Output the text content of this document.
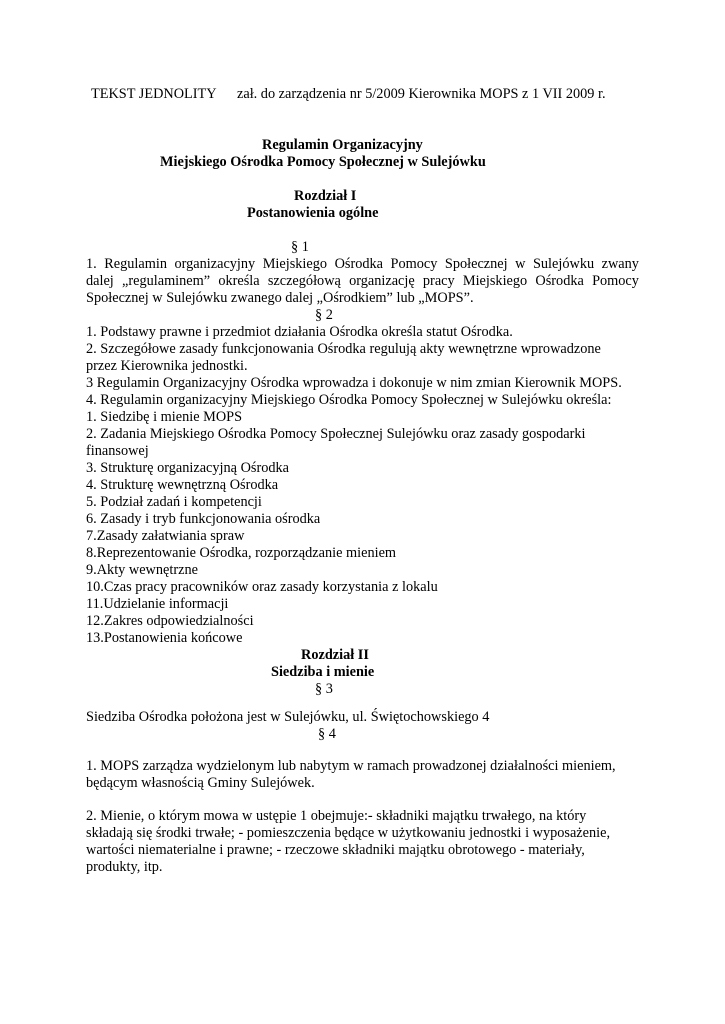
TEKST JEDNOLITY zał. do zarządzenia nr 5/2009 Kierownika MOPS z 1 VII 2009 r.
Regulamin Organizacyjny
Miejskiego Ośrodka Pomocy Społecznej w Sulejówku
Rozdział I
Postanowienia ogólne
§ 1
1. Regulamin organizacyjny Miejskiego Ośrodka Pomocy Społecznej w Sulejówku zwany
dalej „regulaminem” określa szczegółową organizację pracy Miejskiego Ośrodka Pomocy
Społecznej w Sulejówku zwanego dalej „Ośrodkiem” lub „MOPS”.
§ 2
1. Podstawy prawne i przedmiot działania Ośrodka określa statut Ośrodka.
2. Szczegółowe zasady funkcjonowania Ośrodka regulują akty wewnętrzne wprowadzone
przez Kierownika jednostki.
3 Regulamin Organizacyjny Ośrodka wprowadza i dokonuje w nim zmian Kierownik MOPS.
4. Regulamin organizacyjny Miejskiego Ośrodka Pomocy Społecznej w Sulejówku określa:
1. Siedzibę i mienie MOPS
2. Zadania Miejskiego Ośrodka Pomocy Społecznej Sulejówku oraz zasady gospodarki
finansowej
3. Strukturę organizacyjną Ośrodka
4. Strukturę wewnętrzną Ośrodka
5. Podział zadań i kompetencji
6. Zasady i tryb funkcjonowania ośrodka
7.Zasady załatwiania spraw
8.Reprezentowanie Ośrodka, rozporządzanie mieniem
9.Akty wewnętrzne
10.Czas pracy pracowników oraz zasady korzystania z lokalu
11.Udzielanie informacji
12.Zakres odpowiedzialności
13.Postanowienia końcowe
Rozdział II
Siedziba i mienie
§ 3
Siedziba Ośrodka położona jest w Sulejówku, ul. Świętochowskiego 4
§ 4
1. MOPS zarządza wydzielonym lub nabytym w ramach prowadzonej działalności mieniem,
będącym własnością Gminy Sulejówek.
2. Mienie, o którym mowa w ustępie 1 obejmuje:- składniki majątku trwałego, na który
składają się środki trwałe; - pomieszczenia będące w użytkowaniu jednostki i wyposażenie,
wartości niematerialne i prawne; - rzeczowe składniki majątku obrotowego - materiały,
produkty, itp.
